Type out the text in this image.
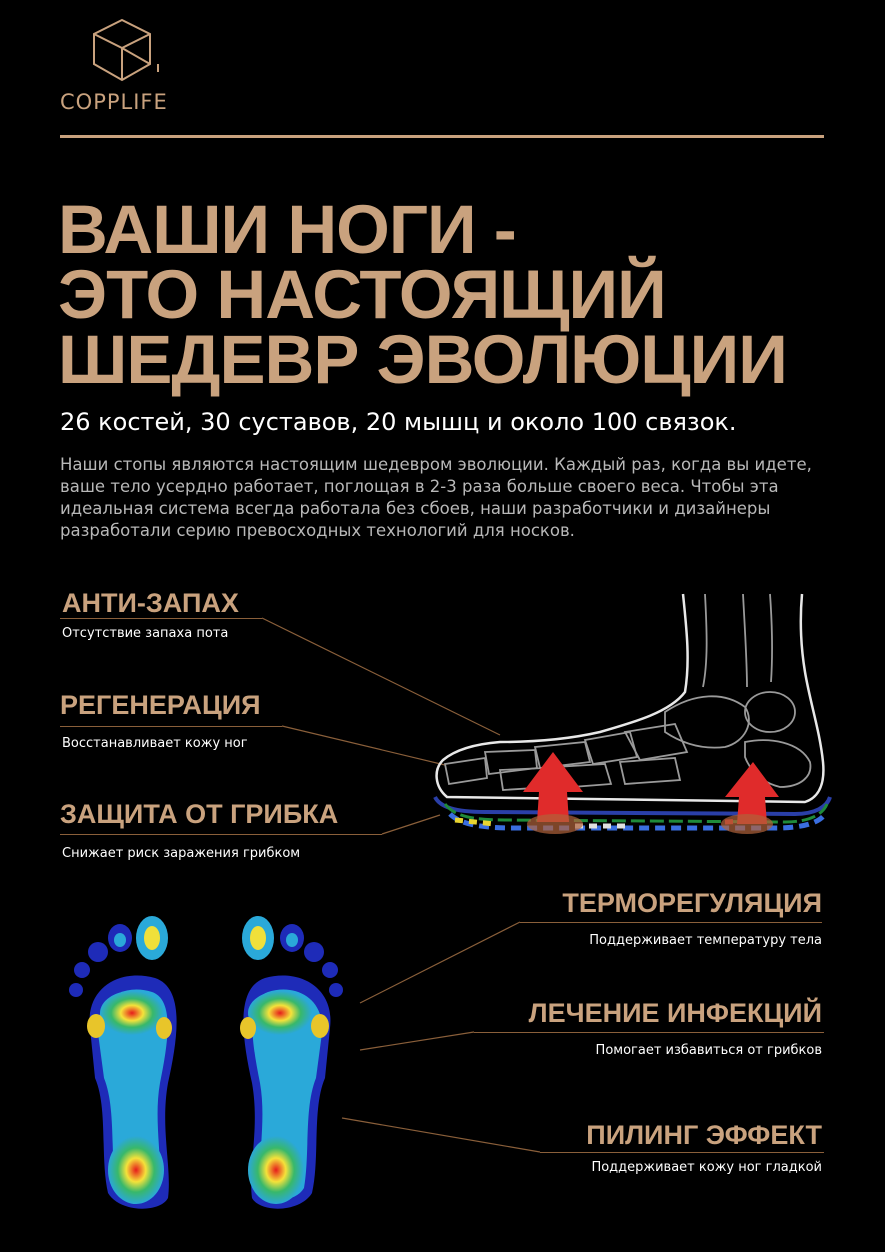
COPPLIFE
ВАШИ НОГИ -
ЭТО НАСТОЯЩИЙ
ШЕДЕВР ЭВОЛЮЦИИ
26 костей, 30 суставов, 20 мышц и около 100 связок.
Наши стопы являются настоящим шедевром эволюции. Каждый раз, когда вы идете, ваше тело усердно работает, поглощая в 2-3 раза больше своего веса. Чтобы эта идеальная система всегда работала без сбоев, наши разработчики и дизайнеры разработали серию превосходных технологий для носков.
АНТИ-ЗАПАХ
Отсутствие запаха пота
РЕГЕНЕРАЦИЯ
Восстанавливает кожу ног
ЗАЩИТА ОТ ГРИБКА
Снижает риск заражения грибком
ТЕРМОРЕГУЛЯЦИЯ
Поддерживает температуру тела
ЛЕЧЕНИЕ ИНФЕКЦИЙ
Помогает избавиться от грибков
ПИЛИНГ ЭФФЕКТ
Поддерживает кожу ног гладкой
